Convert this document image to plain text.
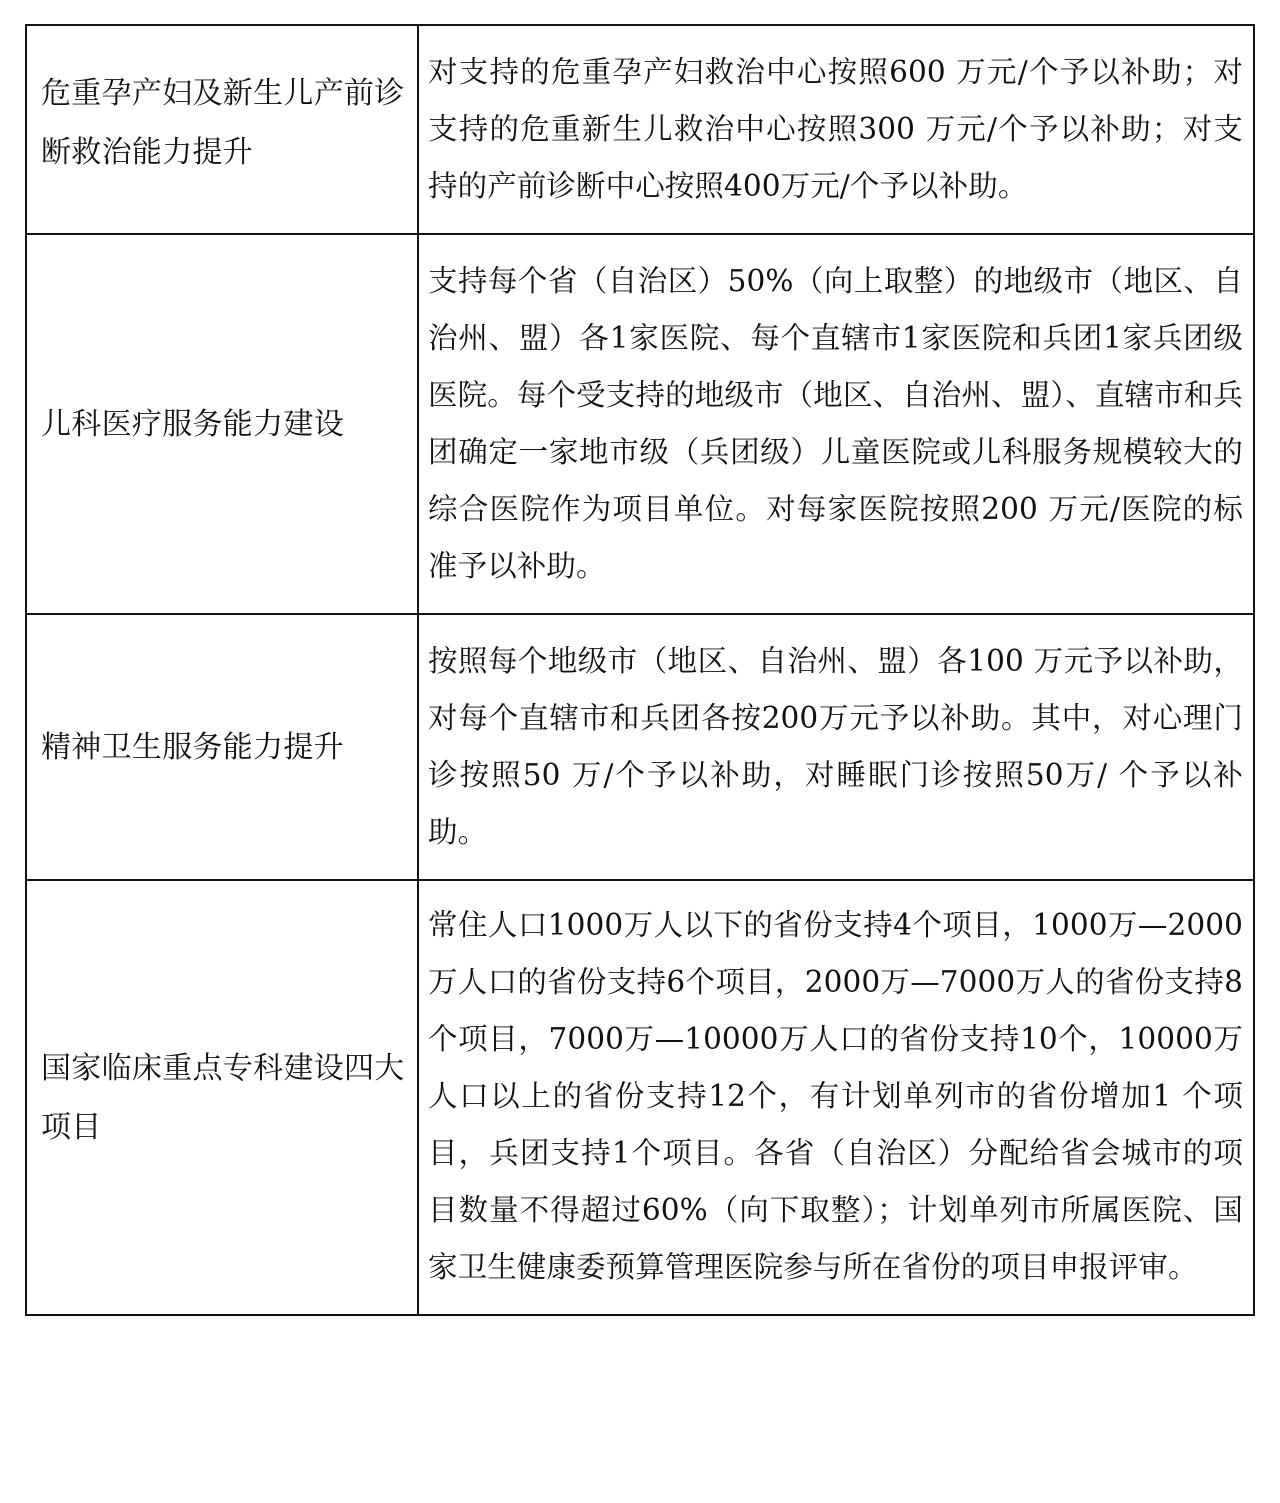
危重孕产妇及新生儿产前诊断救治能力提升	对支持的危重孕产妇救治中心按照600 万元/个予以补助；对支持的危重新生儿救治中心按照300 万元/个予以补助；对支持的产前诊断中心按照400万元/个予以补助。

儿科医疗服务能力建设	支持每个省（自治区）50%（向上取整）的地级市（地区、自治州、盟）各1家医院、每个直辖市1家医院和兵团1家兵团级医院。每个受支持的地级市（地区、自治州、盟）、直辖市和兵团确定一家地市级（兵团级）儿童医院或儿科服务规模较大的综合医院作为项目单位。对每家医院按照200 万元/医院的标准予以补助。

精神卫生服务能力提升	按照每个地级市（地区、自治州、盟）各100 万元予以补助，对每个直辖市和兵团各按200万元予以补助。其中，对心理门诊按照50 万/个予以补助，对睡眠门诊按照50万/ 个予以补助。

国家临床重点专科建设四大项目	常住人口1000万人以下的省份支持4个项目，1000万—2000万人口的省份支持6个项目，2000万—7000万人的省份支持8个项目，7000万—10000万人口的省份支持10个，10000万人口以上的省份支持12个，有计划单列市的省份增加1 个项目，兵团支持1个项目。各省（自治区）分配给省会城市的项目数量不得超过60%（向下取整）；计划单列市所属医院、国家卫生健康委预算管理医院参与所在省份的项目申报评审。
